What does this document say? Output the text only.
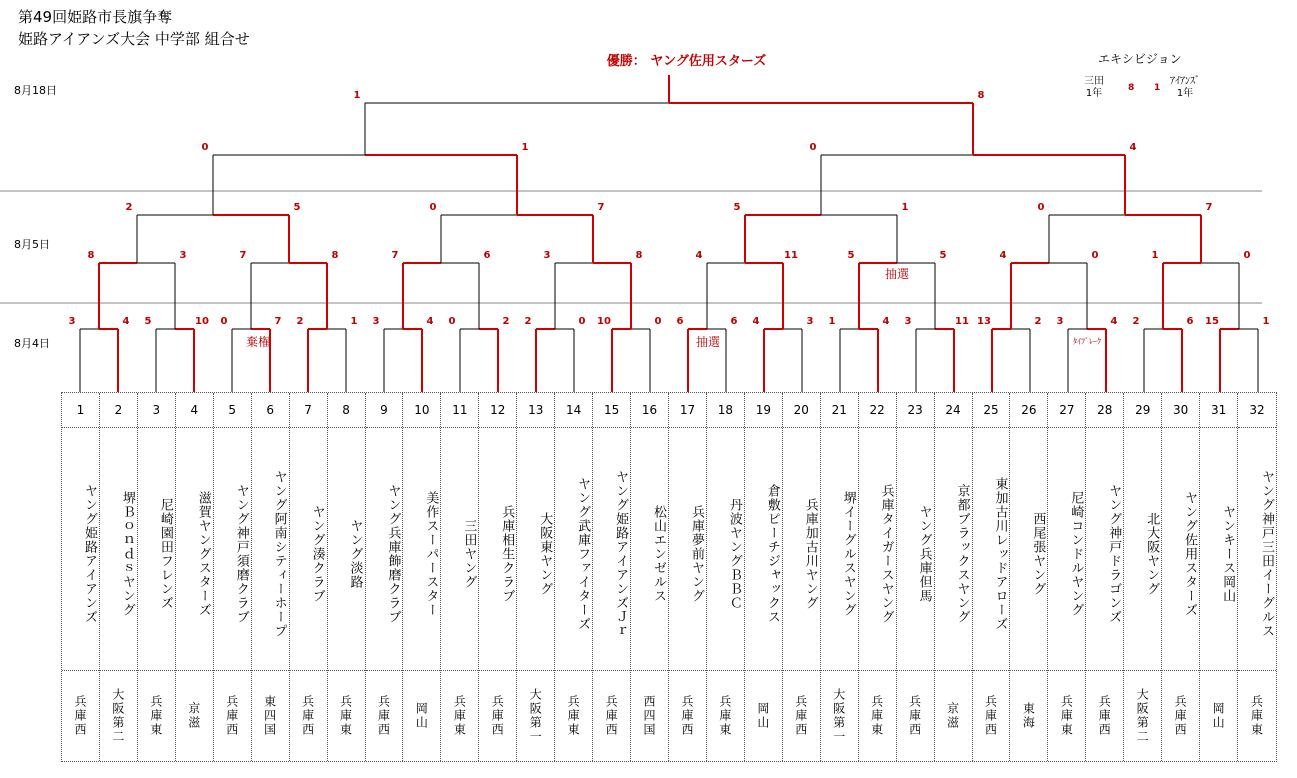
第49回姫路市長旗争奪
姫路アイアンズ大会 中学部 組合せ
優勝： ヤング佐用スターズ
8月18日
8月5日
8月4日
エキシビジョン
三田
1年	8 1
ｱｲｱﾝｽﾞ
1年
棄権	抽選
抽選
ﾀｲﾌﾞﾚｰｸ
3	4 5	10 0	7 2	1 3	4 0	2 2	0 10	0 6	6 4	3 1	4 3	11 13	2 3	4 2	6 15	1
8	3	7	8	7	6	3	8	4	11	5	5	4	0	1	0
2	5	0	7	5	1	0	7
0	1	0	4
1	8
1
ヤング姫路アイアンズ
兵庫西
2
堺Ｂｏｎｄｓヤング
大阪第二
3
尼崎園田フレンズ
兵庫東
4
滋賀ヤングスターズ
京滋
5
ヤング神戸須磨クラブ
兵庫西
6
ヤング阿南シティーホープ
東四国
7
ヤング湊クラブ
兵庫西
8
ヤング淡路
兵庫東
9
ヤング兵庫飾磨クラブ
兵庫西
10
美作スーパースター
岡山
11
三田ヤング
兵庫東
12
兵庫相生クラブ
兵庫西
13
大阪東ヤング
大阪第一
14
ヤング武庫ファイターズ
兵庫東
15
ヤング姫路アイアンズＪｒ
兵庫西
16
松山エンゼルス
西四国
17
兵庫夢前ヤング
兵庫西
18
丹波ヤングＢＢＣ
兵庫東
19
倉敷ピーチジャックス
岡山
20
兵庫加古川ヤング
兵庫西
21
堺イーグルスヤング
大阪第一
22
兵庫タイガースヤング
兵庫東
23
ヤング兵庫但馬
兵庫西
24
京都ブラックスヤング
京滋
25
東加古川レッドアローズ
兵庫西
26
西尾張ヤング
東海
27
尼崎コンドルヤング
兵庫東
28
ヤング神戸ドラゴンズ
兵庫西
29
北大阪ヤング
大阪第二
30
ヤング佐用スターズ
兵庫西
31
ヤンキース岡山
岡山
32
ヤング神戸三田イーグルス
兵庫東
